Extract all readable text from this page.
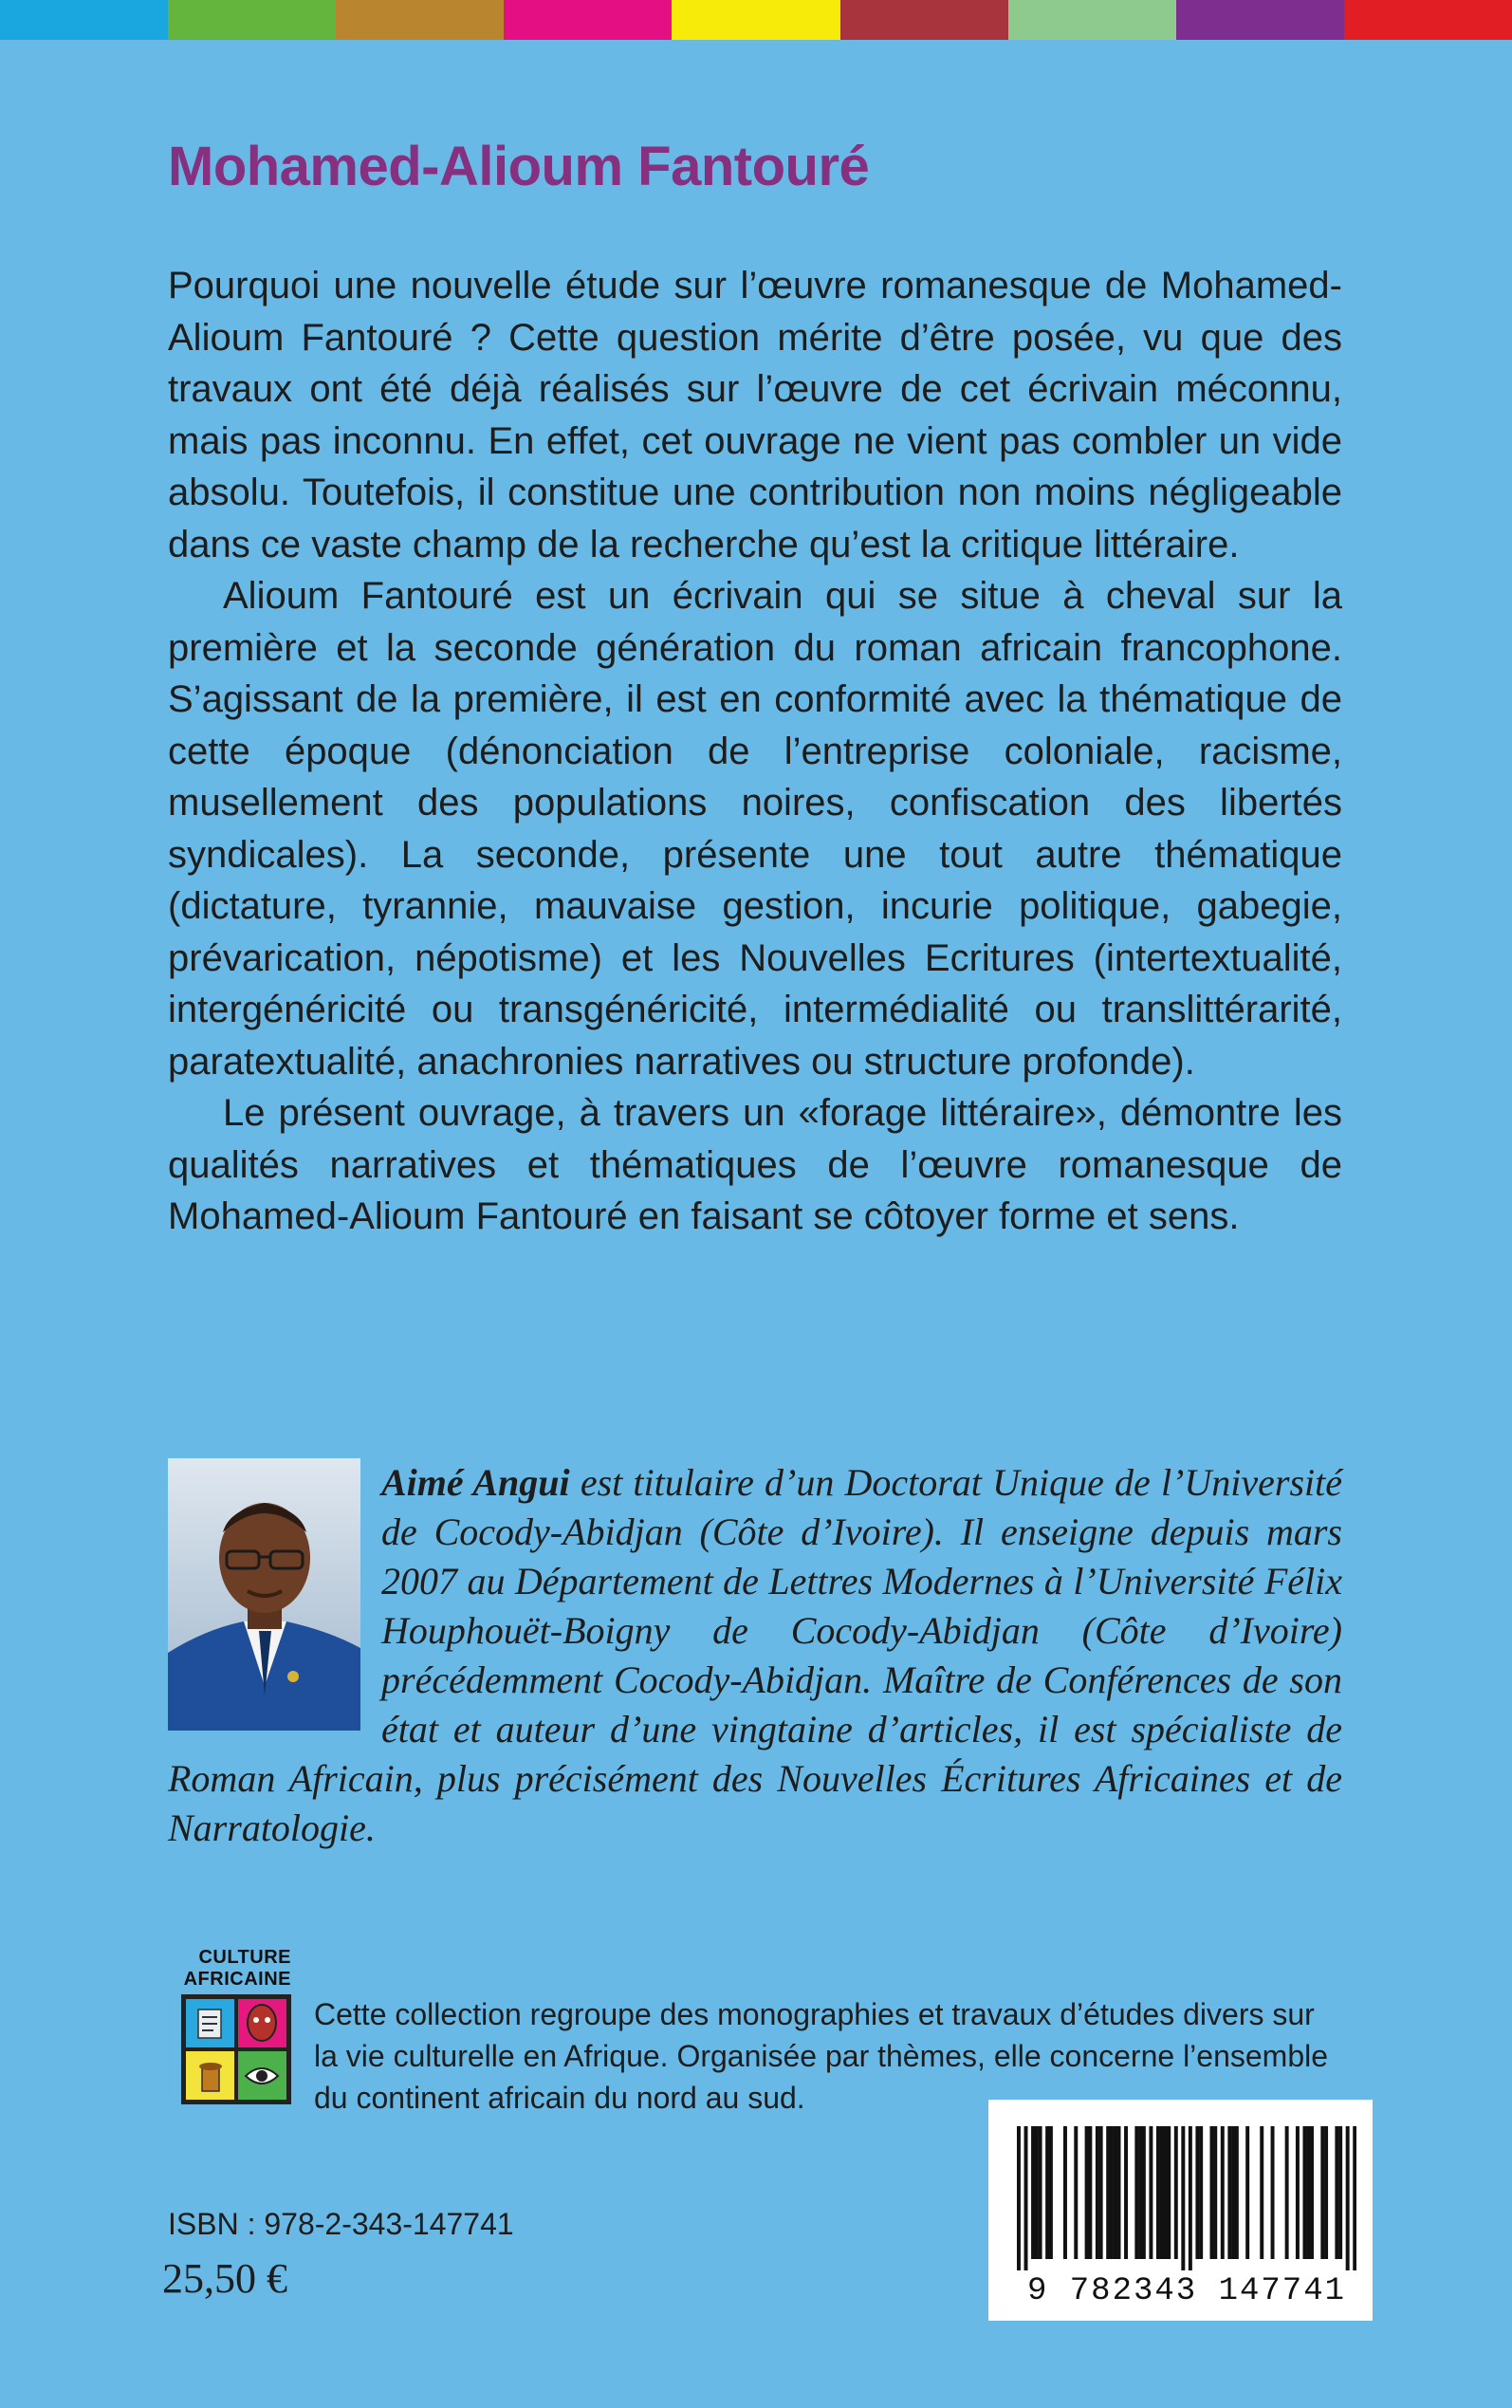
Mohamed-Alioum Fantouré

Pourquoi une nouvelle étude sur l’œuvre romanesque de Mohamed-Alioum Fantouré ? Cette question mérite d’être posée, vu que des travaux ont été déjà réalisés sur l’œuvre de cet écrivain méconnu, mais pas inconnu. En effet, cet ouvrage ne vient pas combler un vide absolu. Toutefois, il constitue une contribution non moins négligeable dans ce vaste champ de la recherche qu’est la critique littéraire.

Alioum Fantouré est un écrivain qui se situe à cheval sur la première et la seconde génération du roman africain francophone. S’agissant de la première, il est en conformité avec la thématique de cette époque (dénonciation de l’entreprise coloniale, racisme, musellement des populations noires, confiscation des libertés syndicales). La seconde, présente une tout autre thématique (dictature, tyrannie, mauvaise gestion, incurie politique, gabegie, prévarication, népotisme) et les Nouvelles Ecritures (intertextualité, intergénéricité ou transgénéricité, intermédialité ou translittérarité, paratextualité, anachronies narratives ou structure profonde).

Le présent ouvrage, à travers un «forage littéraire», démontre les qualités narratives et thématiques de l’œuvre romanesque de Mohamed-Alioum Fantouré en faisant se côtoyer forme et sens.

Aimé Angui est titulaire d’un Doctorat Unique de l’Université de Cocody-Abidjan (Côte d’Ivoire). Il enseigne depuis mars 2007 au Département de Lettres Modernes à l’Université Félix Houphouët-Boigny de Cocody-Abidjan (Côte d’Ivoire) précédemment Cocody-Abidjan. Maître de Conférences de son état et auteur d’une vingtaine d’articles, il est spécialiste de Roman Africain, plus précisément des Nouvelles Écritures Africaines et de Narratologie.
CULTURE
AFRICAINE
Cette collection regroupe des monographies et travaux d’études divers sur la vie culturelle en Afrique. Organisée par thèmes, elle concerne l’ensemble du continent africain du nord au sud.
9 782343 147741
ISBN : 978-2-343-147741
25,50 €
